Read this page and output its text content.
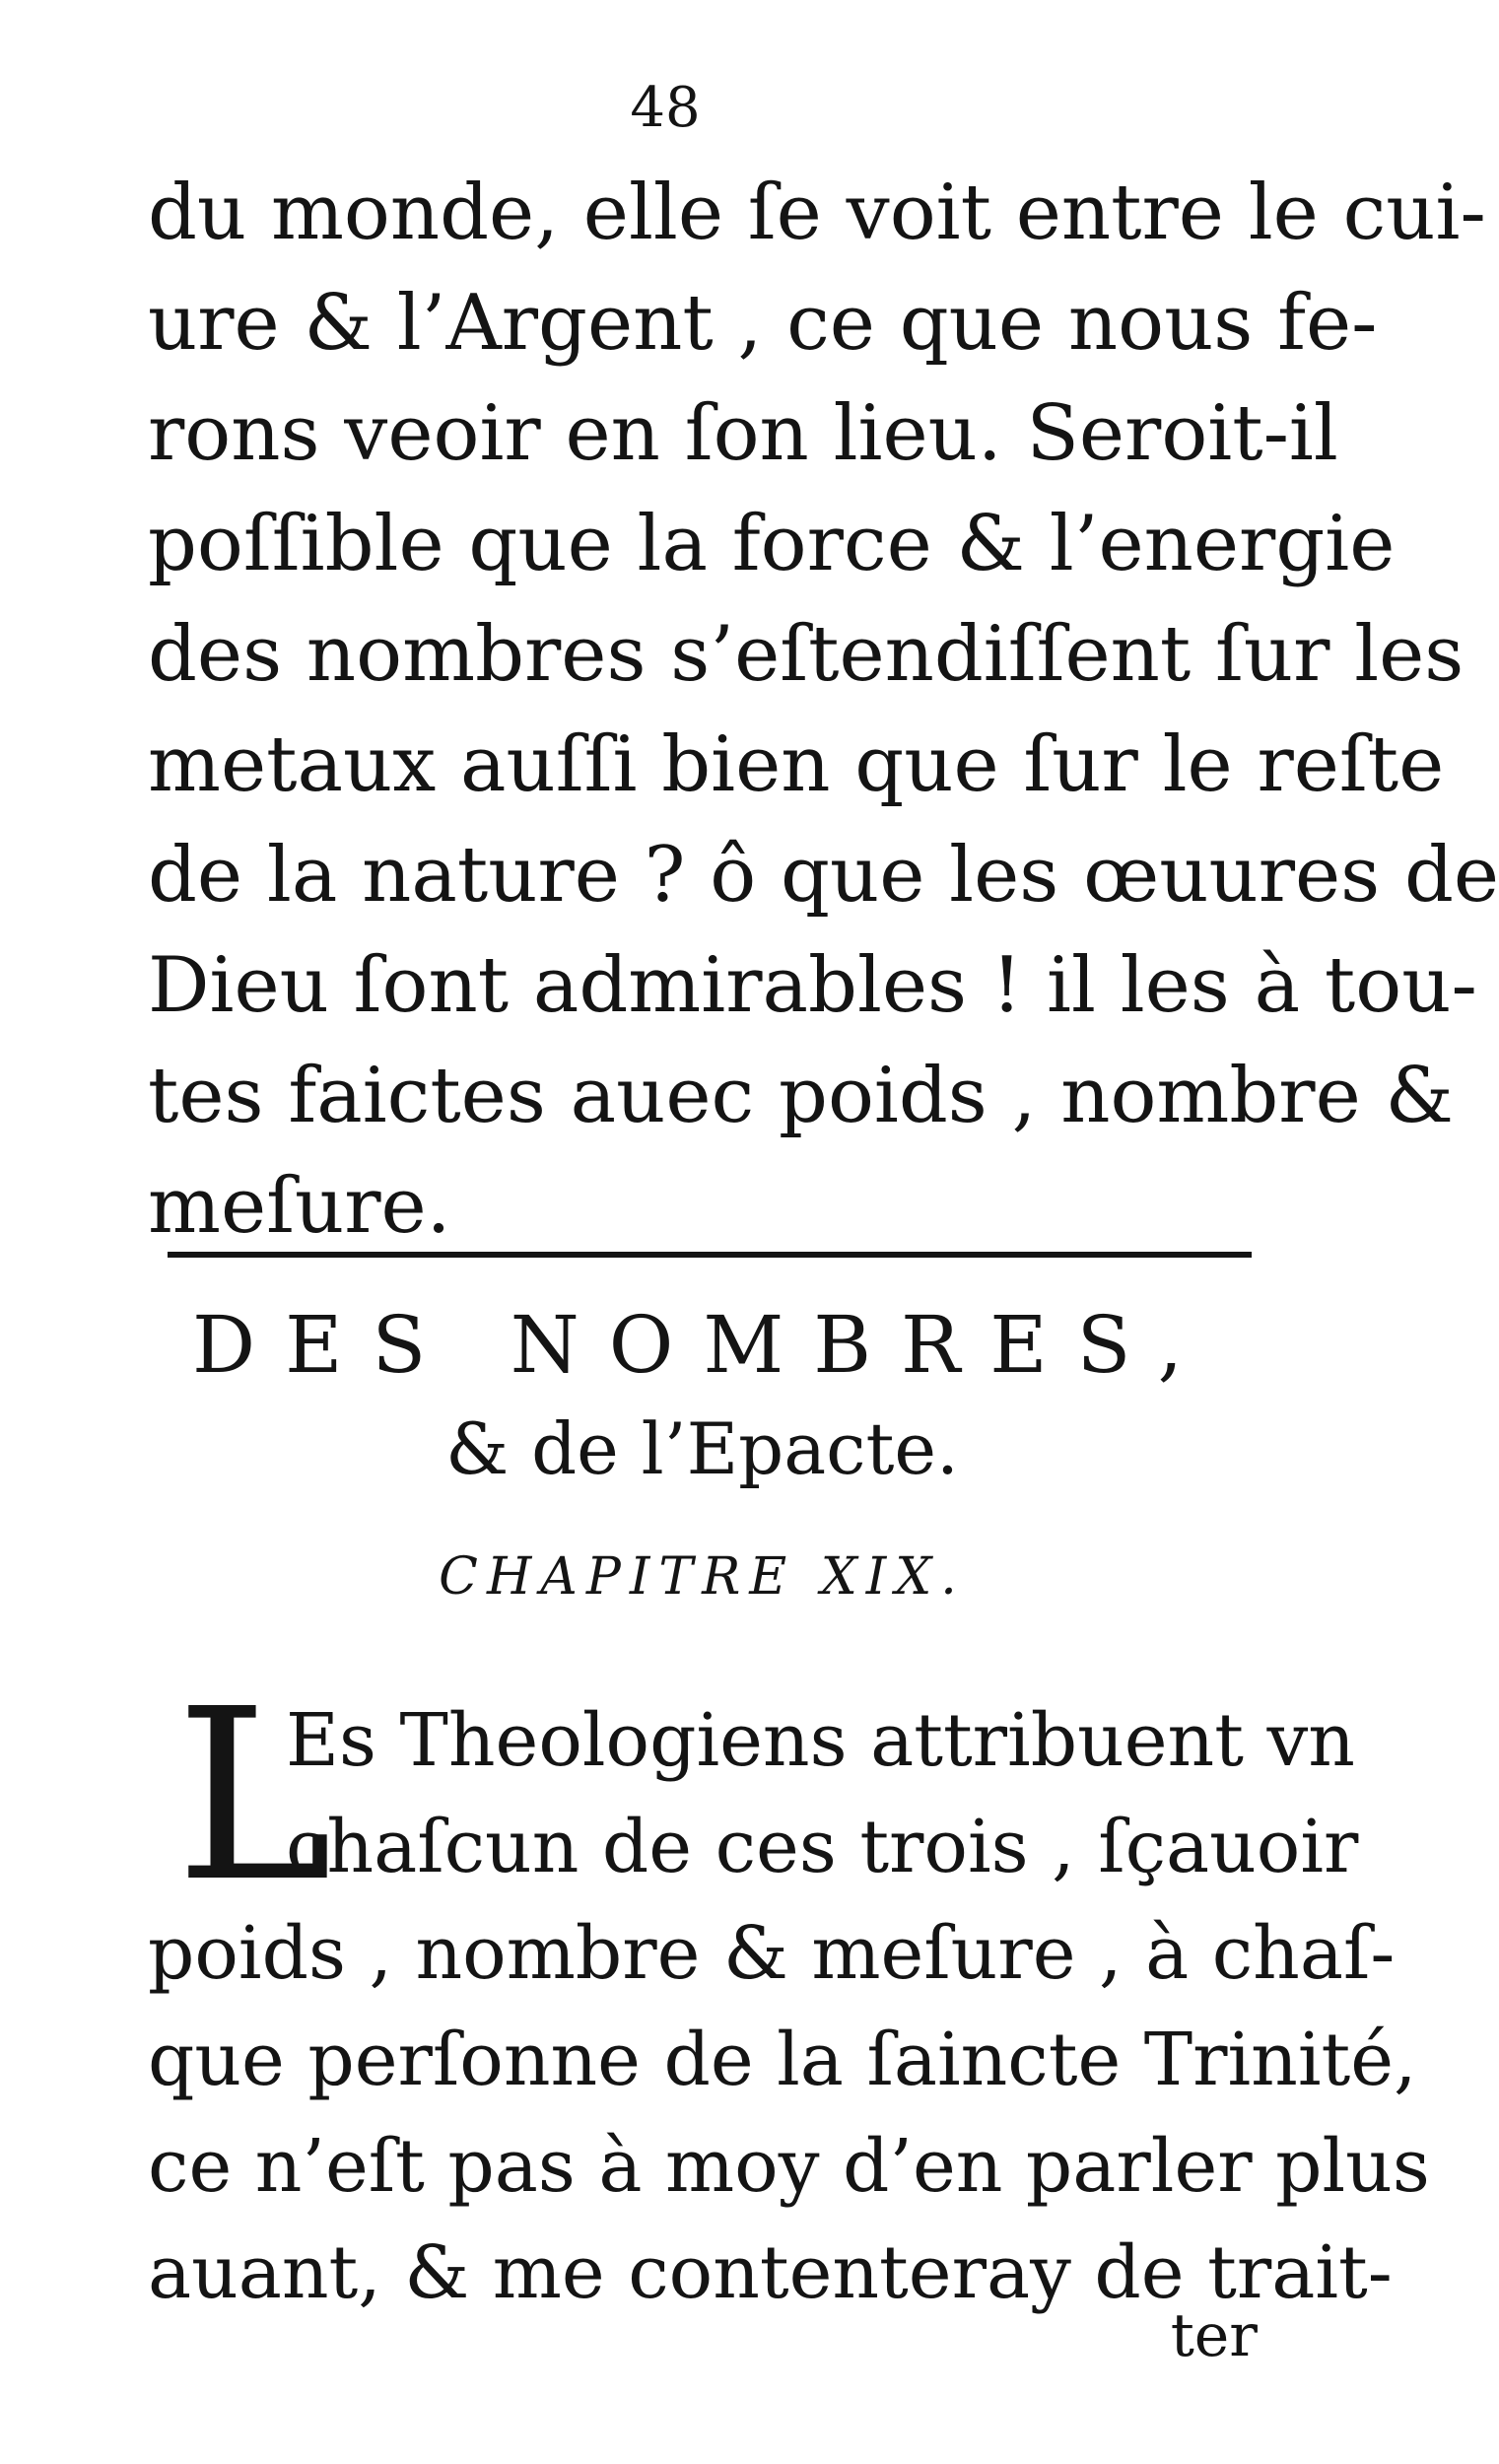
48
du monde, elle ſe voit entre le cui-
ure & l’Argent , ce que nous fe-
rons veoir en ſon lieu. Seroit-il
poſſible que la force & l’energie
des nombres s’eſtendiſſent ſur les
metaux auſſi bien que ſur le reſte
de la nature ? ô que les œuures de
Dieu ſont admirables ! il les à tou-
tes faictes auec poids , nombre &
meſure.
DES NOMBRES,
& de l’Epacte.
CHAPITRE XIX.
L
Es Theologiens attribuent vn
chaſcun de ces trois , ſçauoir
poids , nombre & meſure , à chaſ-
que perſonne de la ſaincte Trinité,
ce n’eſt pas à moy d’en parler plus
auant, & me contenteray de trait-
ter
